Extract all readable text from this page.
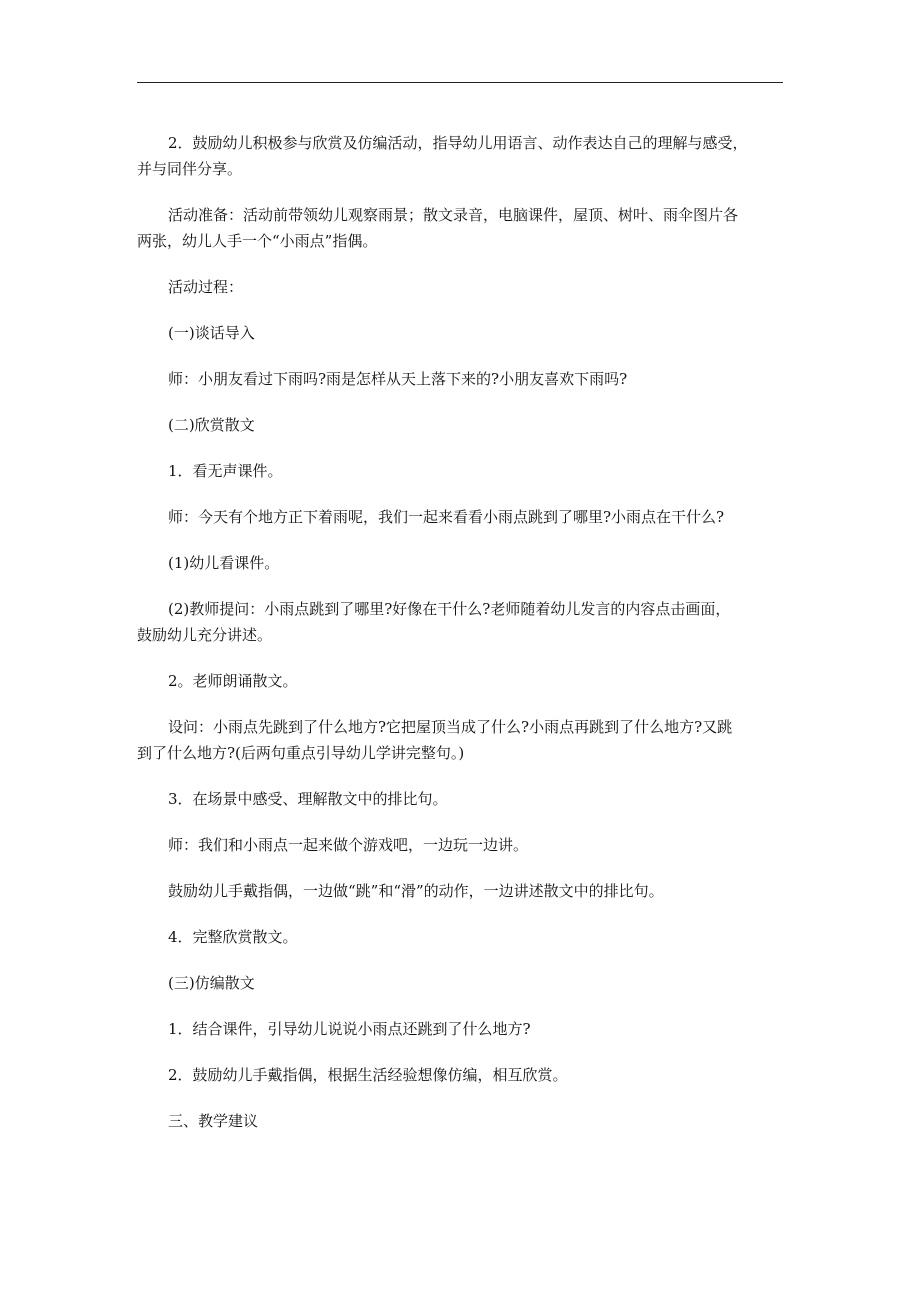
2．鼓励幼儿积极参与欣赏及仿编活动，指导幼儿用语言、动作表达自己的理解与感受，
并与同伴分享。

活动准备：活动前带领幼儿观察雨景；散文录音，电脑课件，屋顶、树叶、雨伞图片各
两张，幼儿人手一个“小雨点”指偶。

活动过程：

(一)谈话导入

师：小朋友看过下雨吗?雨是怎样从天上落下来的?小朋友喜欢下雨吗?

(二)欣赏散文

1．看无声课件。

师：今天有个地方正下着雨呢，我们一起来看看小雨点跳到了哪里?小雨点在干什么?

(1)幼儿看课件。

(2)教师提问：小雨点跳到了哪里?好像在干什么?老师随着幼儿发言的内容点击画面，
鼓励幼儿充分讲述。

2。老师朗诵散文。

设问：小雨点先跳到了什么地方?它把屋顶当成了什么?小雨点再跳到了什么地方?又跳
到了什么地方?(后两句重点引导幼儿学讲完整句。)

3．在场景中感受、理解散文中的排比句。

师：我们和小雨点一起来做个游戏吧，一边玩一边讲。

鼓励幼儿手戴指偶，一边做“跳”和“滑”的动作，一边讲述散文中的排比句。

4．完整欣赏散文。

(三)仿编散文

1．结合课件，引导幼儿说说小雨点还跳到了什么地方?

2．鼓励幼儿手戴指偶，根据生活经验想像仿编，相互欣赏。

三、教学建议
